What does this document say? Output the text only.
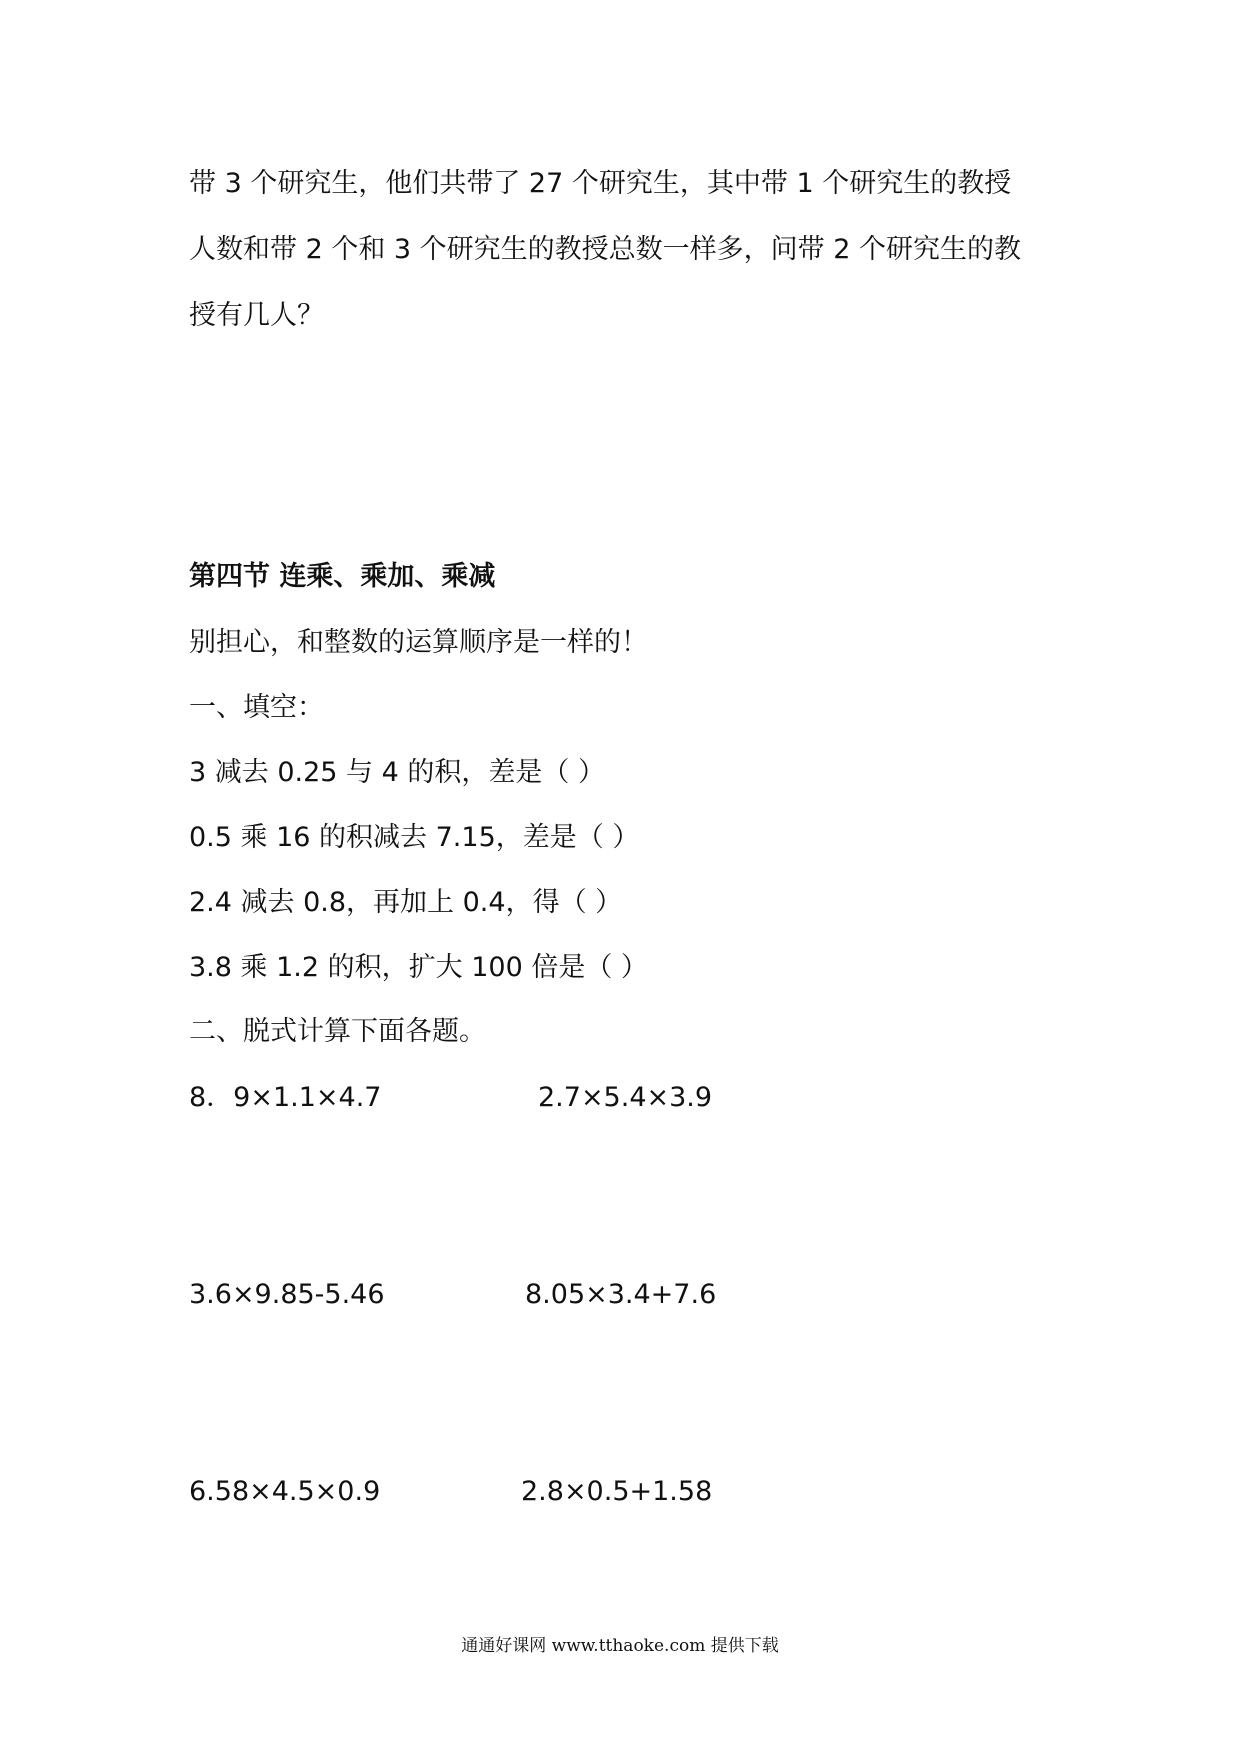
带 3 个研究生，他们共带了 27 个研究生，其中带 1 个研究生的教授
人数和带 2 个和 3 个研究生的教授总数一样多，问带 2 个研究生的教
授有几人？
第四节 连乘、乘加、乘减
别担心，和整数的运算顺序是一样的！
一、填空：
3 减去 0.25 与 4 的积，差是（ ）
0.5 乘 16 的积减去 7.15，差是（ ）
2.4 减去 0.8，再加上 0.4，得（ ）
3.8 乘 1.2 的积，扩大 100 倍是（ ）
二、脱式计算下面各题。
8．9×1.1×4.7	2.7×5.4×3.9
3.6×9.85-5.46	8.05×3.4+7.6
6.58×4.5×0.9	2.8×0.5+1.58
通通好课网 www.tthaoke.com 提供下载
